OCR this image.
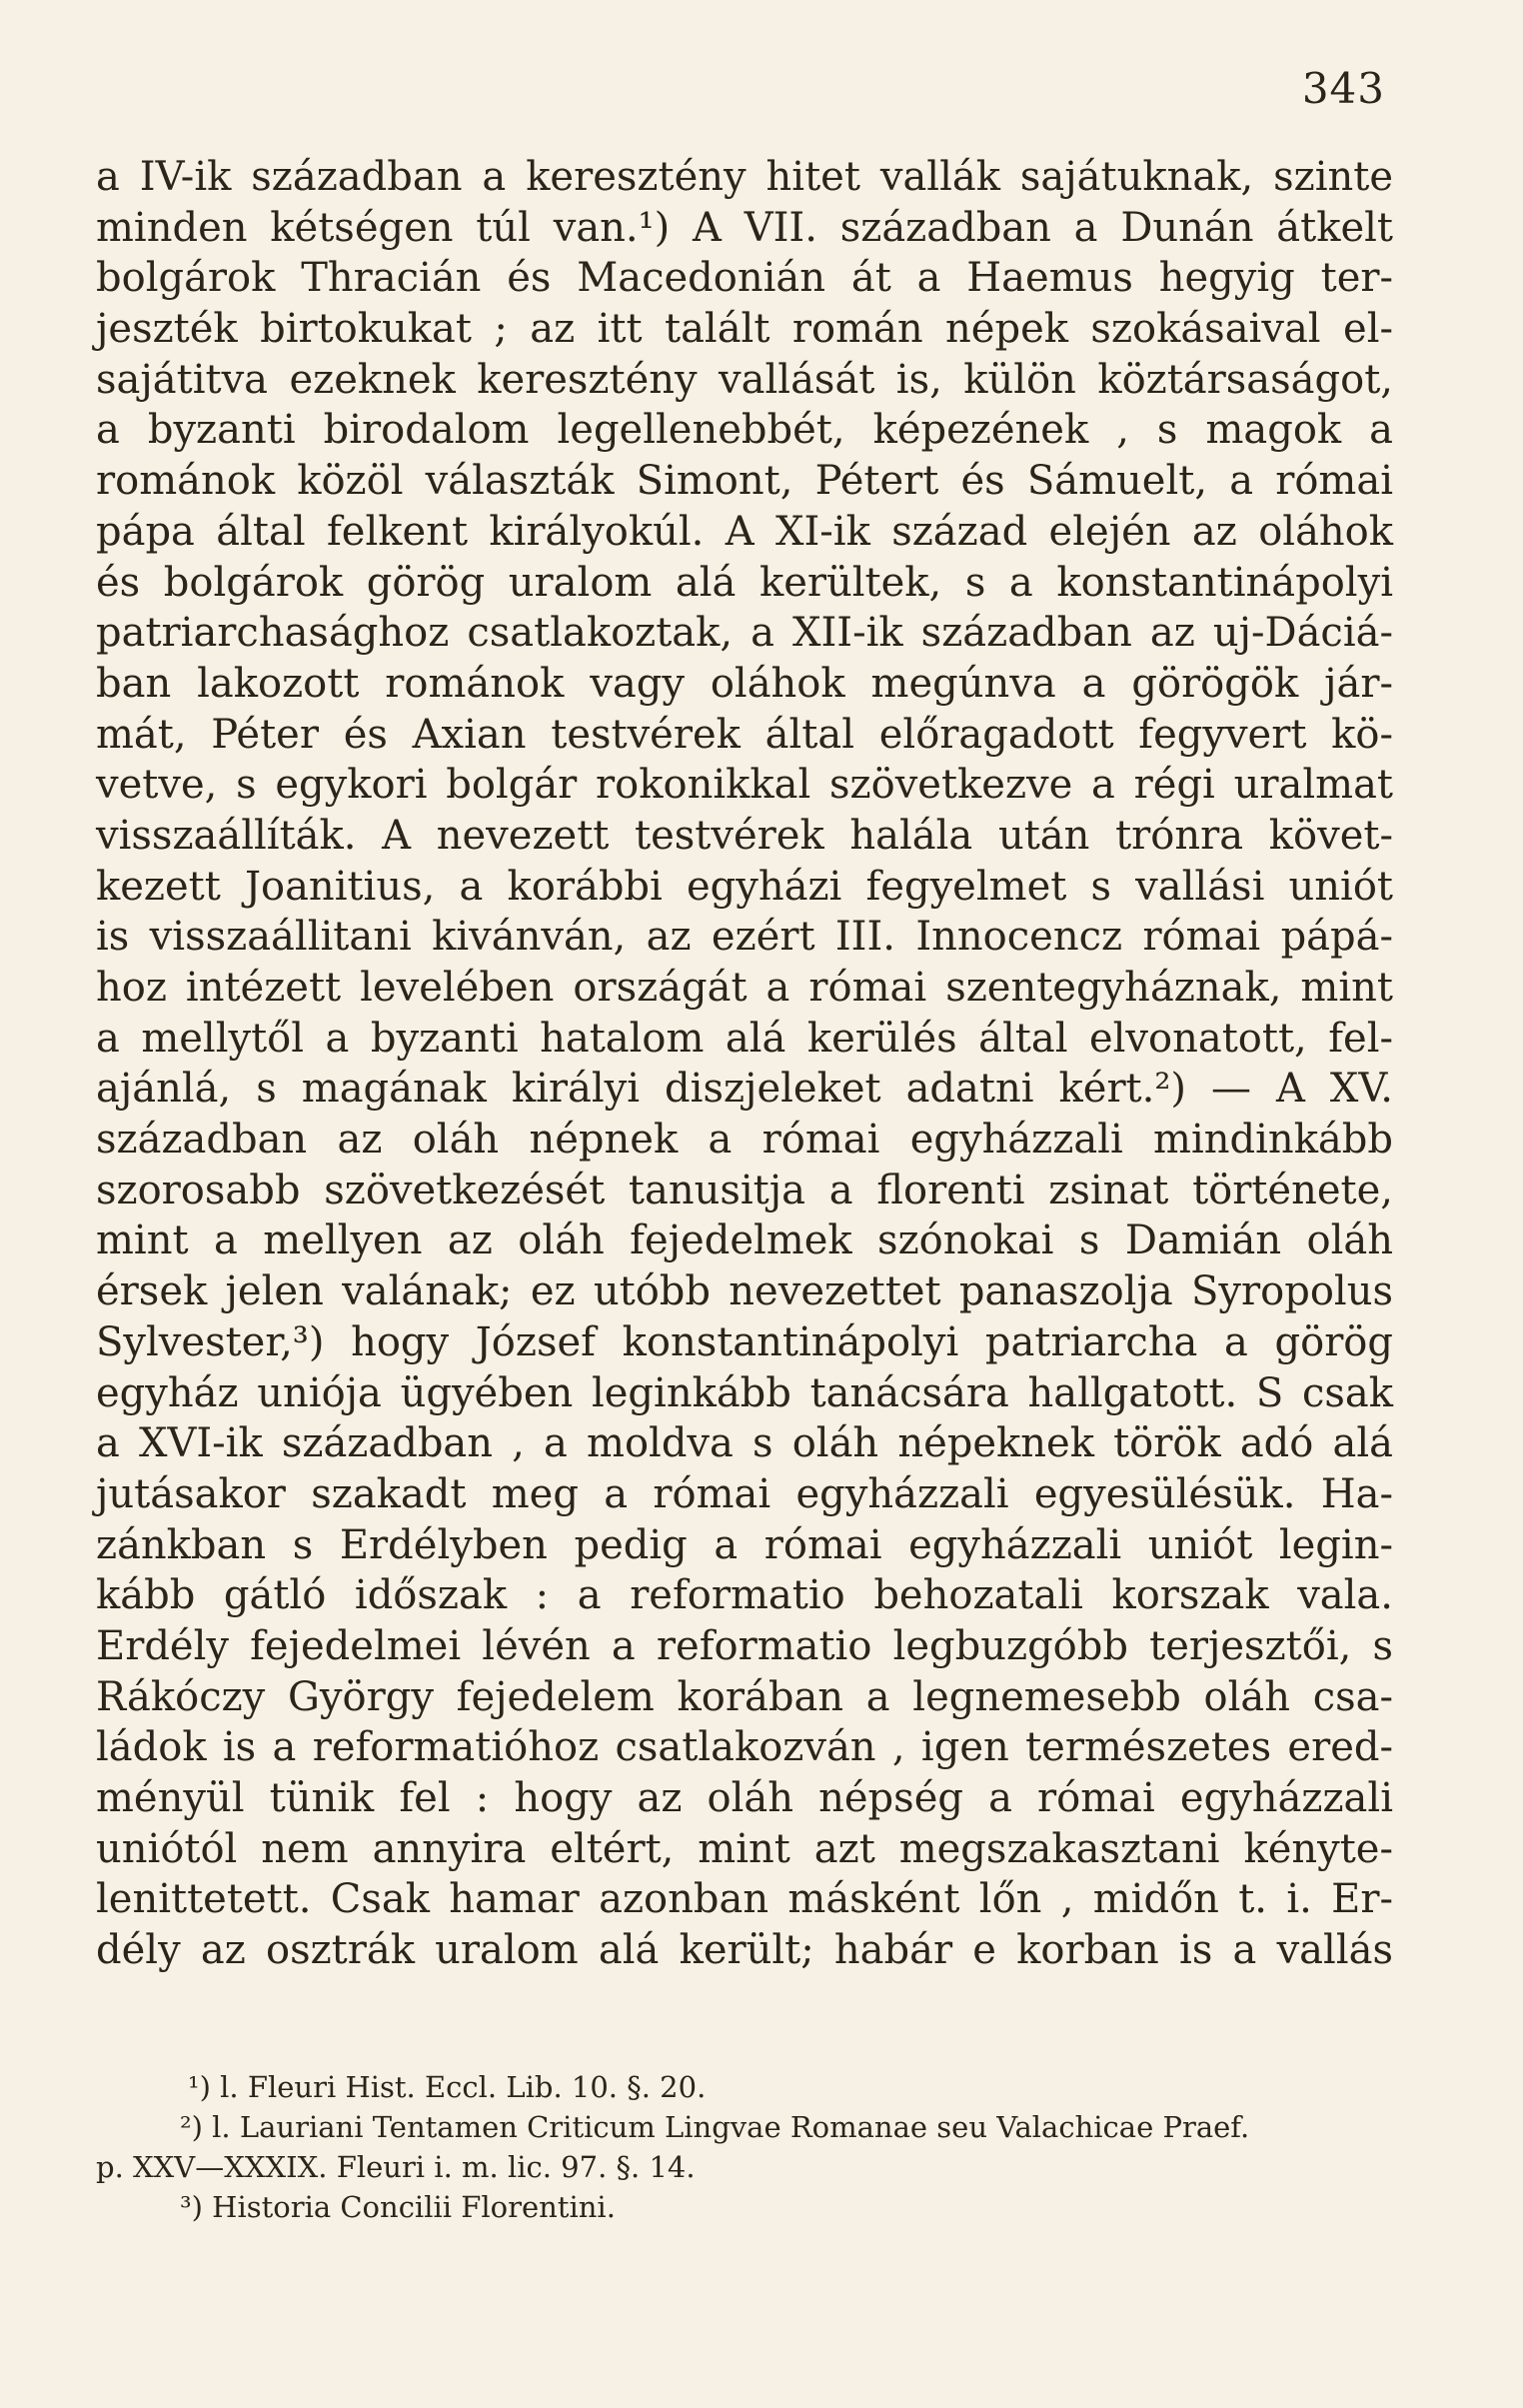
343
a IV-ik században a keresztény hitet vallák sajátuknak, szinte
minden kétségen túl van.¹) A VII. században a Dunán átkelt
bolgárok Thracián és Macedonián át a Haemus hegyig ter-
jeszték birtokukat ; az itt talált román népek szokásaival el-
sajátitva ezeknek keresztény vallását is, külön köztársaságot,
a byzanti birodalom legellenebbét, képezének , s magok a
románok közöl választák Simont, Pétert és Sámuelt, a római
pápa által felkent királyokúl. A XI-ik század elején az oláhok
és bolgárok görög uralom alá kerültek, s a konstantinápolyi
patriarchasághoz csatlakoztak, a XII-ik században az uj-Dáciá-
ban lakozott románok vagy oláhok megúnva a görögök jár-
mát, Péter és Axian testvérek által előragadott fegyvert kö-
vetve, s egykori bolgár rokonikkal szövetkezve a régi uralmat
visszaállíták. A nevezett testvérek halála után trónra követ-
kezett Joanitius, a korábbi egyházi fegyelmet s vallási uniót
is visszaállitani kivánván, az ezért III. Innocencz római pápá-
hoz intézett levelében országát a római szentegyháznak, mint
a mellytől a byzanti hatalom alá kerülés által elvonatott, fel-
ajánlá, s magának királyi diszjeleket adatni kért.²) — A XV.
században az oláh népnek a római egyházzali mindinkább
szorosabb szövetkezését tanusitja a florenti zsinat története,
mint a mellyen az oláh fejedelmek szónokai s Damián oláh
érsek jelen valának; ez utóbb nevezettet panaszolja Syropolus
Sylvester,³) hogy József konstantinápolyi patriarcha a görög
egyház uniója ügyében leginkább tanácsára hallgatott. S csak
a XVI-ik században , a moldva s oláh népeknek török adó alá
jutásakor szakadt meg a római egyházzali egyesülésük. Ha-
zánkban s Erdélyben pedig a római egyházzali uniót legin-
kább gátló időszak : a reformatio behozatali korszak vala.
Erdély fejedelmei lévén a reformatio legbuzgóbb terjesztői, s
Rákóczy György fejedelem korában a legnemesebb oláh csa-
ládok is a reformatióhoz csatlakozván , igen természetes ered-
ményül tünik fel : hogy az oláh népség a római egyházzali
uniótól nem annyira eltért, mint azt megszakasztani kényte-
lenittetett. Csak hamar azonban másként lőn , midőn t. i. Er-
dély az osztrák uralom alá került; habár e korban is a vallás
¹) l. Fleuri Hist. Eccl. Lib. 10. §. 20.
²) l. Lauriani Tentamen Criticum Lingvae Romanae seu Valachicae Praef.
p. XXV—XXXIX. Fleuri i. m. lic. 97. §. 14.
³) Historia Concilii Florentini.
